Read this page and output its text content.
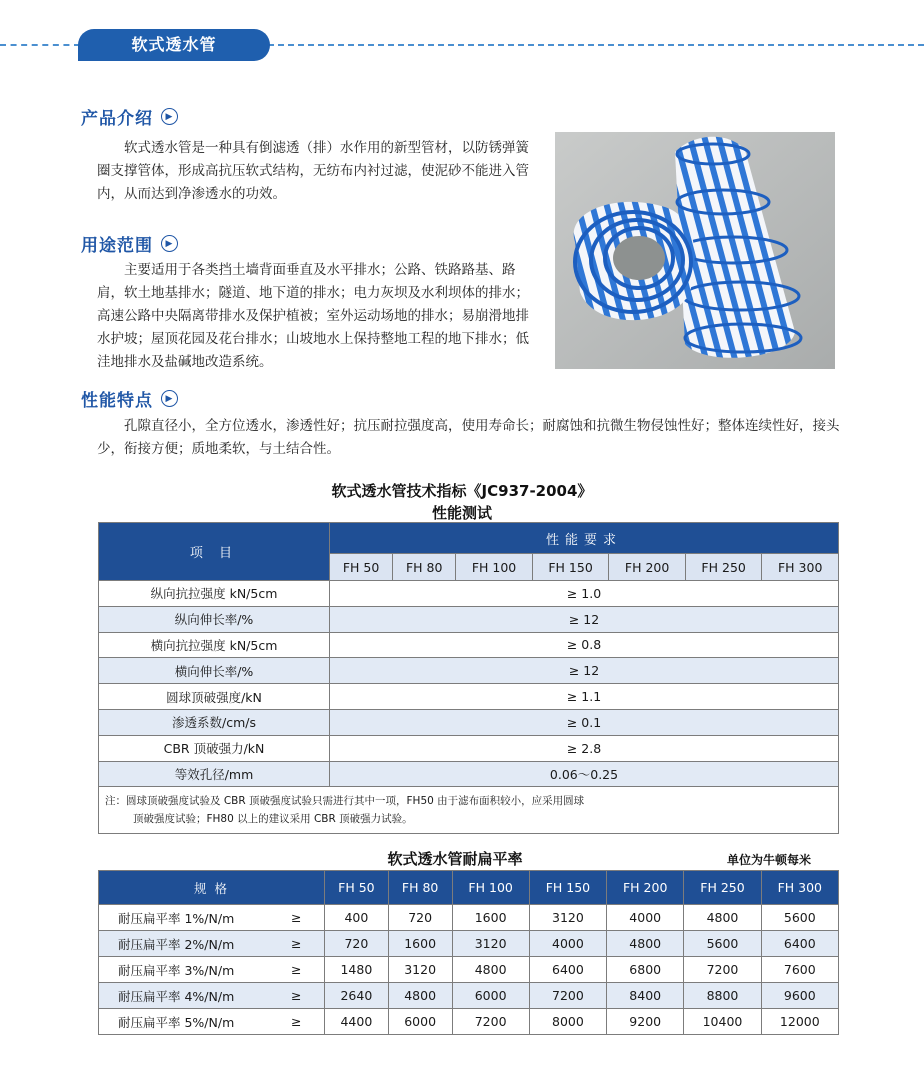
软式透水管
产品介绍	▶
软式透水管是一种具有倒滤透（排）水作用的新型管材，以防锈弹簧圈支撑管体，形成高抗压软式结构，无纺布内衬过滤，使泥砂不能进入管内，从而达到净渗透水的功效。
用途范围	▶
主要适用于各类挡土墙背面垂直及水平排水；公路、铁路路基、路肩，软土地基排水；隧道、地下道的排水；电力灰坝及水利坝体的排水；高速公路中央隔离带排水及保护植被；室外运动场地的排水；易崩滑地排水护坡；屋顶花园及花台排水；山坡地水上保持整地工程的地下排水；低洼地排水及盐碱地改造系统。
性能特点	▶
孔隙直径小，全方位透水，渗透性好；抗压耐拉强度高，使用寿命长；耐腐蚀和抗微生物侵蚀性好；整体连续性好，接头少，衔接方便；质地柔软，与土结合性。
软式透水管技术指标《JC937-2004》
性能测试
项 目	性能要求						
	FH 50	FH 80	FH 100	FH 150	FH 200	FH 250	FH 300
纵向抗拉强度 kN/5cm	≥ 1.0						
纵向伸长率/%	≥ 12						
横向抗拉强度 kN/5cm	≥ 0.8						
横向伸长率/%	≥ 12						
圆球顶破强度/kN	≥ 1.1						
渗透系数/cm/s	≥ 0.1						
CBR 顶破强力/kN	≥ 2.8						
等效孔径/mm	0.06～0.25						

注：圆球顶破强度试验及 CBR 顶破强度试验只需进行其中一项，FH50 由于滤布面积较小，应采用圆球
顶破强度试验；FH80 以上的建议采用 CBR 顶破强力试验。							
软式透水管耐扁平率	单位为牛顿每米
规 格		FH 50	FH 80	FH 100	FH 150	FH 200	FH 250	FH 300
耐压扁平率 1%/N/m	≥	400	720	1600	3120	4000	4800	5600
耐压扁平率 2%/N/m	≥	720	1600	3120	4000	4800	5600	6400
耐压扁平率 3%/N/m	≥	1480	3120	4800	6400	6800	7200	7600
耐压扁平率 4%/N/m	≥	2640	4800	6000	7200	8400	8800	9600
耐压扁平率 5%/N/m	≥	4400	6000	7200	8000	9200	10400	12000
